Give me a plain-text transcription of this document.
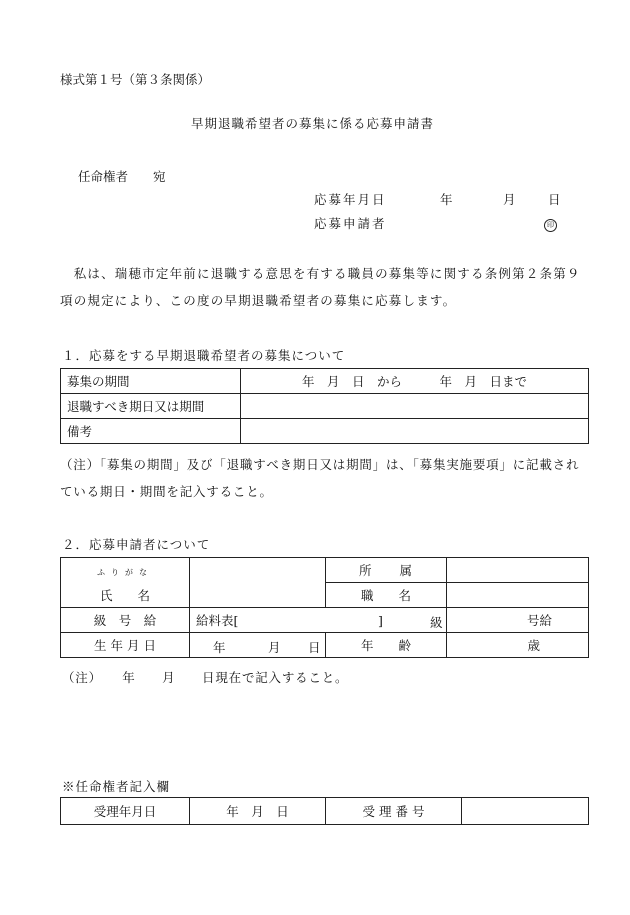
様式第１号（第３条関係）
早期退職希望者の募集に係る応募申請書
任命権者　　宛
応募年月日	年	月	日
応募申請者	印
　私は、瑞穂市定年前に退職する意思を有する職員の募集等に関する条例第２条第９項の規定により、この度の早期退職希望者の募集に応募します。
１．応募をする早期退職希望者の募集について
募集の期間	年　月　日　から　　　年　月　日まで
退職すべき期日又は期間	
備考	
（注）「募集の期間」及び「退職すべき期日又は期間」は、「募集実施要項」に記載されている期日・期間を記入すること。
２．応募申請者について
ふりがな		所　　属	
氏　　名		職　　名	
級　号　給	給料表[ ] 級		号給
生 年 月 日	年 月 日	年　　齢	歳
（注）　　年　　月　　日現在で記入すること。
※任命権者記入欄
受理年月日	年　月　日	受 理 番 号	
